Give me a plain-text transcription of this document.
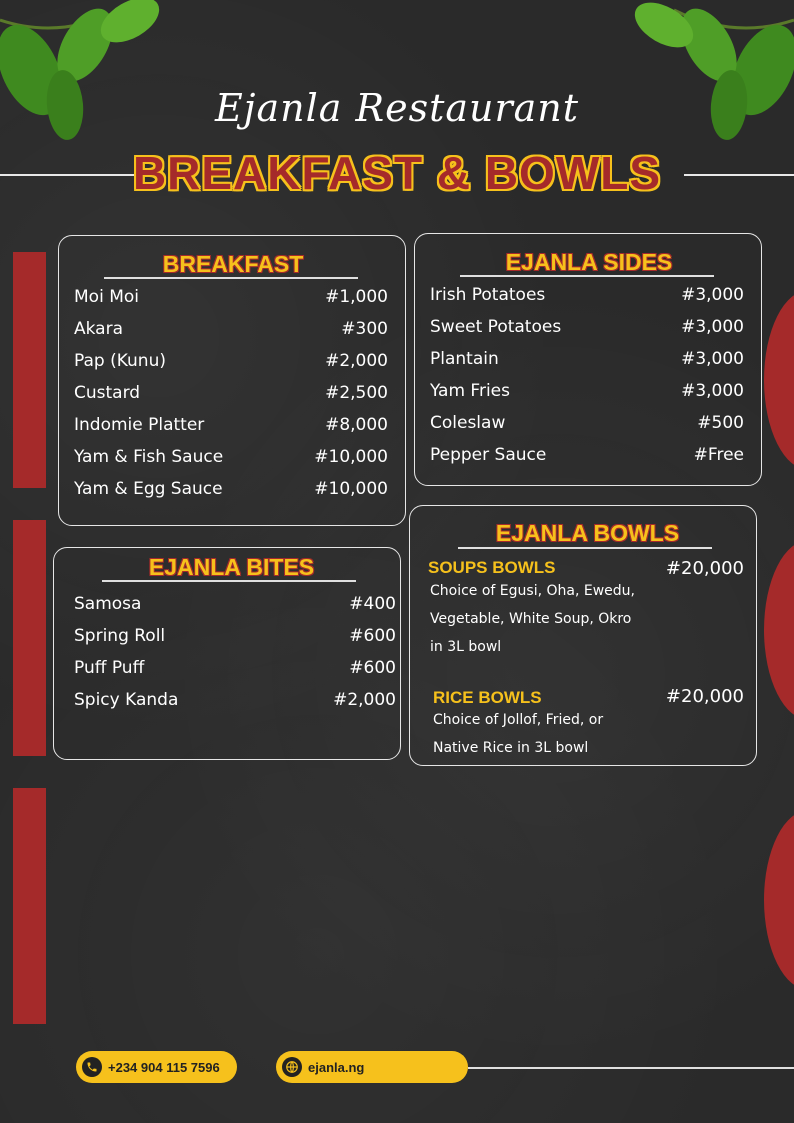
Ejanla Restaurant
BREAKFAST & BOWLS
BREAKFAST
Moi Moi	#1,000
Akara	#300
Pap (Kunu)	#2,000
Custard	#2,500
Indomie Platter	#8,000
Yam & Fish Sauce	#10,000
Yam & Egg Sauce	#10,000
EJANLA SIDES
Irish Potatoes	#3,000
Sweet Potatoes	#3,000
Plantain	#3,000
Yam Fries	#3,000
Coleslaw	#500
Pepper Sauce	#Free
EJANLA BITES
Samosa	#400
Spring Roll	#600
Puff Puff	#600
Spicy Kanda	#2,000
EJANLA BOWLS
SOUPS BOWLS	#20,000
Choice of Egusi, Oha, Ewedu,
Vegetable, White Soup, Okro
in 3L bowl
RICE BOWLS	#20,000
Choice of Jollof, Fried, or
Native Rice in 3L bowl
+234 904 115 7596	ejanla.ng
